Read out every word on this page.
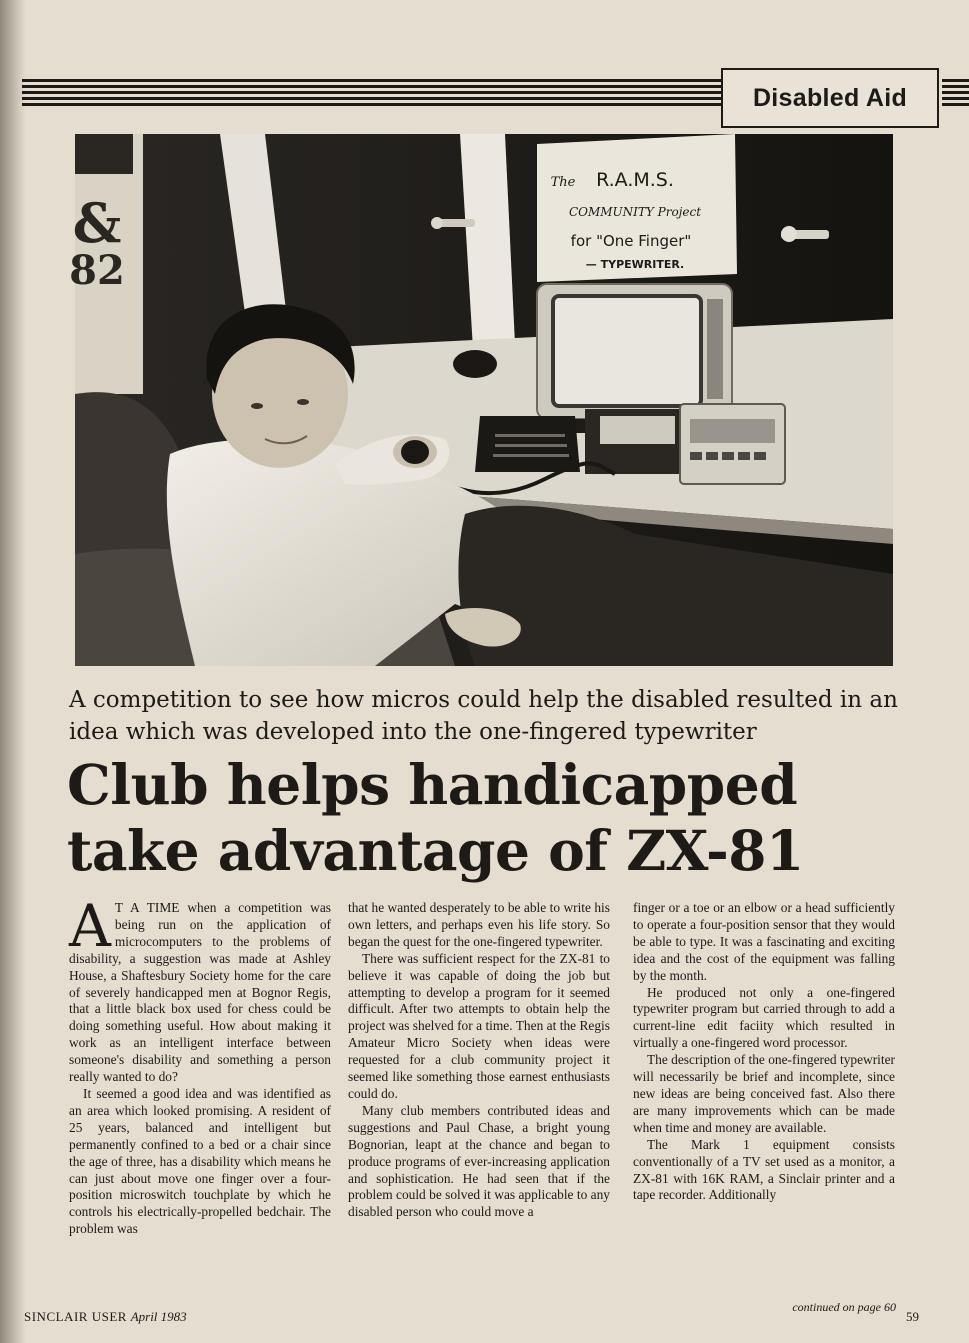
Disabled Aid
&
82
R.A.M.S.
The
COMMUNITY Project
for "One Finger"
— TYPEWRITER.
A competition to see how micros could help the disabled resulted in an idea which was developed into the one-fingered typewriter
Club helps handicapped
take advantage of ZX-81

A T A TIME when a competition was being run on the application of microcomputers to the problems of disability, a suggestion was made at Ashley House, a Shaftesbury Society home for the care of severely handicapped men at Bognor Regis, that a little black box used for chess could be doing something useful. How about making it work as an intelligent interface between someone's disability and something a person really wanted to do?

It seemed a good idea and was identified as an area which looked promising. A resident of 25 years, balanced and intelligent but permanently confined to a bed or a chair since the age of three, has a disability which means he can just about move one finger over a four-position microswitch touchplate by which he controls his electrically-propelled bedchair. The problem was

that he wanted desperately to be able to write his own letters, and perhaps even his life story. So began the quest for the one-fingered typewriter.

There was sufficient respect for the ZX-81 to believe it was capable of doing the job but attempting to develop a program for it seemed difficult. After two attempts to obtain help the project was shelved for a time. Then at the Regis Amateur Micro Society when ideas were requested for a club community project it seemed like something those earnest enthusiasts could do.

Many club members contributed ideas and suggestions and Paul Chase, a bright young Bognorian, leapt at the chance and began to produce programs of ever-increasing application and sophistication. He had seen that if the problem could be solved it was applicable to any disabled person who could move a

finger or a toe or an elbow or a head sufficiently to operate a four-position sensor that they would be able to type. It was a fascinating and exciting idea and the cost of the equipment was falling by the month.

He produced not only a one-fingered typewriter program but carried through to add a current-line edit faciity which resulted in virtually a one-fingered word processor.

The description of the one-fingered typewriter will necessarily be brief and incomplete, since new ideas are being conceived fast. Also there are many improvements which can be made when time and money are available.

The Mark 1 equipment consists conventionally of a TV set used as a monitor, a ZX-81 with 16K RAM, a Sinclair printer and a tape recorder. Additionally

continued on page 60
SINCLAIR USER April 1983	59
